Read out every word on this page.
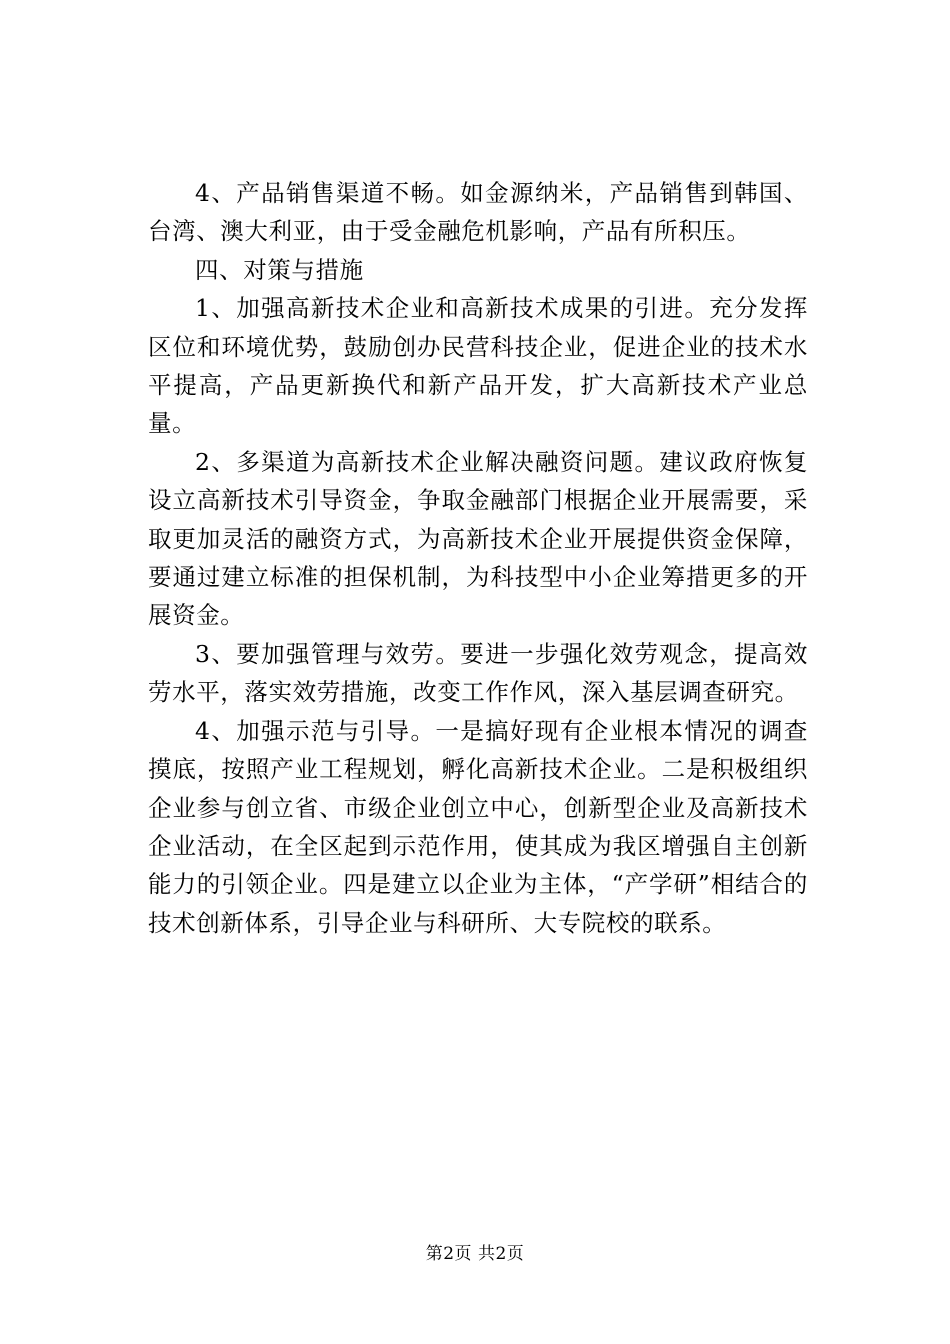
4、产品销售渠道不畅。如金源纳米，产品销售到韩国、台湾、澳大利亚，由于受金融危机影响，产品有所积压。

四、对策与措施

1、加强高新技术企业和高新技术成果的引进。充分发挥区位和环境优势，鼓励创办民营科技企业，促进企业的技术水平提高，产品更新换代和新产品开发，扩大高新技术产业总量。

2、多渠道为高新技术企业解决融资问题。建议政府恢复设立高新技术引导资金，争取金融部门根据企业开展需要，采取更加灵活的融资方式，为高新技术企业开展提供资金保障，要通过建立标准的担保机制，为科技型中小企业筹措更多的开展资金。

3、要加强管理与效劳。要进一步强化效劳观念，提高效劳水平，落实效劳措施，改变工作作风，深入基层调查研究。

4、加强示范与引导。一是搞好现有企业根本情况的调查摸底，按照产业工程规划，孵化高新技术企业。二是积极组织企业参与创立省、市级企业创立中心，创新型企业及高新技术企业活动，在全区起到示范作用，使其成为我区增强自主创新能力的引领企业。四是建立以企业为主体，“产学研”相结合的技术创新体系，引导企业与科研所、大专院校的联系。

第2页 共2页
